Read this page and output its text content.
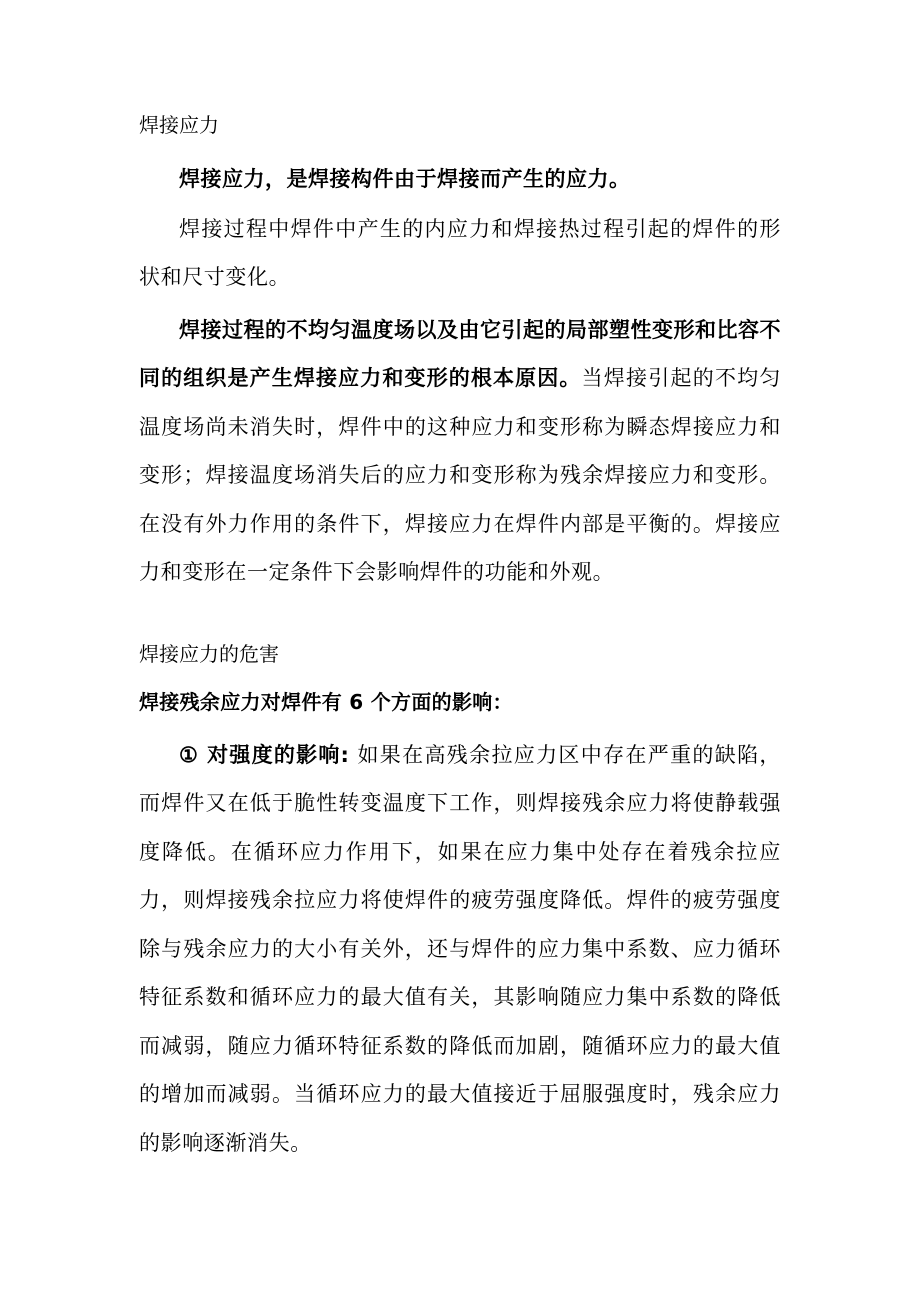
焊接应力

焊接应力，是焊接构件由于焊接而产生的应力。

焊接过程中焊件中产生的内应力和焊接热过程引起的焊件的形状和尺寸变化。

焊接过程的不均匀温度场以及由它引起的局部塑性变形和比容不同的组织是产生焊接应力和变形的根本原因。当焊接引起的不均匀温度场尚未消失时，焊件中的这种应力和变形称为瞬态焊接应力和变形；焊接温度场消失后的应力和变形称为残余焊接应力和变形。在没有外力作用的条件下，焊接应力在焊件内部是平衡的。焊接应力和变形在一定条件下会影响焊件的功能和外观。

焊接应力的危害

焊接残余应力对焊件有 6 个方面的影响：

① 对强度的影响: 如果在高残余拉应力区中存在严重的缺陷，而焊件又在低于脆性转变温度下工作，则焊接残余应力将使静载强度降低。在循环应力作用下，如果在应力集中处存在着残余拉应力，则焊接残余拉应力将使焊件的疲劳强度降低。焊件的疲劳强度除与残余应力的大小有关外，还与焊件的应力集中系数、应力循环特征系数和循环应力的最大值有关，其影响随应力集中系数的降低而减弱，随应力循环特征系数的降低而加剧，随循环应力的最大值的增加而减弱。当循环应力的最大值接近于屈服强度时，残余应力的影响逐渐消失。
